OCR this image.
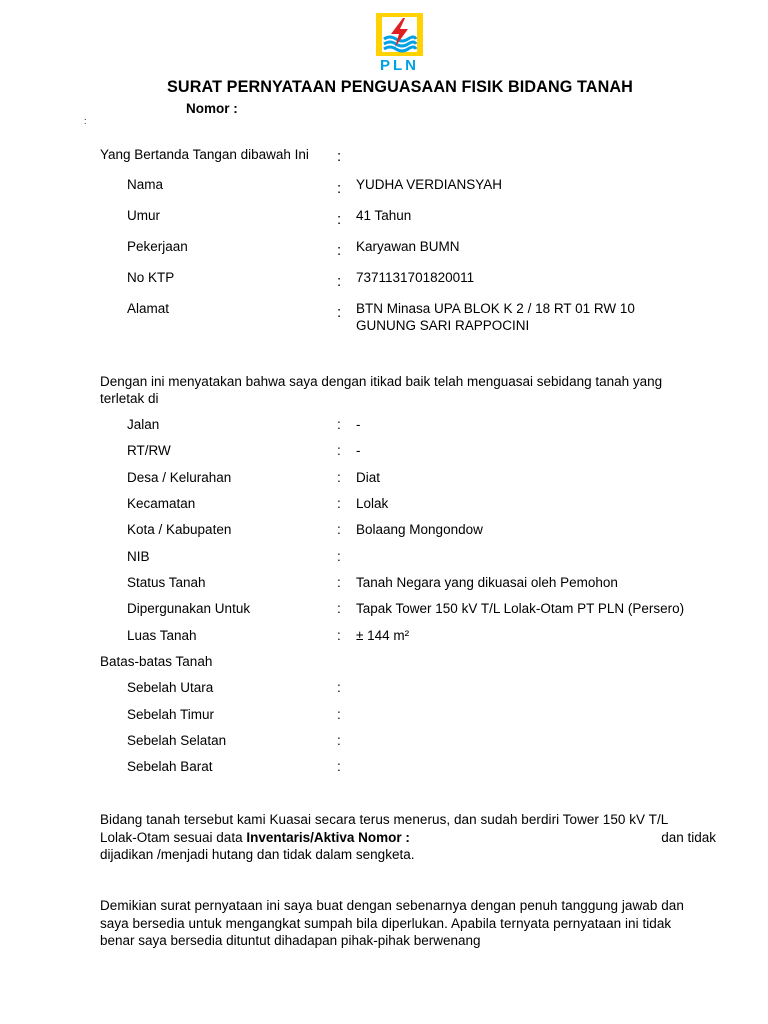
PLN
SURAT PERNYATAAN PENGUASAAN FISIK BIDANG TANAH
Nomor :
:
Yang Bertanda Tangan dibawah Ini :
Nama	: YUDHA VERDIANSYAH
Umur	: 41 Tahun
Pekerjaan	: Karyawan BUMN
No KTP	: 7371131701820011
Alamat	: BTN Minasa UPA BLOK K 2 / 18 RT 01 RW 10
GUNUNG SARI RAPPOCINI
Dengan ini menyatakan bahwa saya dengan itikad baik telah menguasai sebidang tanah yang
terletak di
Jalan	: -
RT/RW	: -
Desa / Kelurahan	: Diat
Kecamatan	: Lolak
Kota / Kabupaten	: Bolaang Mongondow
NIB	:
Status Tanah	: Tanah Negara yang dikuasai oleh Pemohon
Dipergunakan Untuk	: Tapak Tower 150 kV T/L Lolak-Otam PT PLN (Persero)
Luas Tanah	: ± 144 m²
Batas-batas Tanah
Sebelah Utara	:
Sebelah Timur	:
Sebelah Selatan	:
Sebelah Barat	:
Bidang tanah tersebut kami Kuasai secara terus menerus, dan sudah berdiri Tower 150 kV T/L
Lolak-Otam sesuai data Inventaris/Aktiva Nomor :	dan tidak
dijadikan /menjadi hutang dan tidak dalam sengketa.
Demikian surat pernyataan ini saya buat dengan sebenarnya dengan penuh tanggung jawab dan
saya bersedia untuk mengangkat sumpah bila diperlukan. Apabila ternyata pernyataan ini tidak
benar saya bersedia dituntut dihadapan pihak-pihak berwenang
